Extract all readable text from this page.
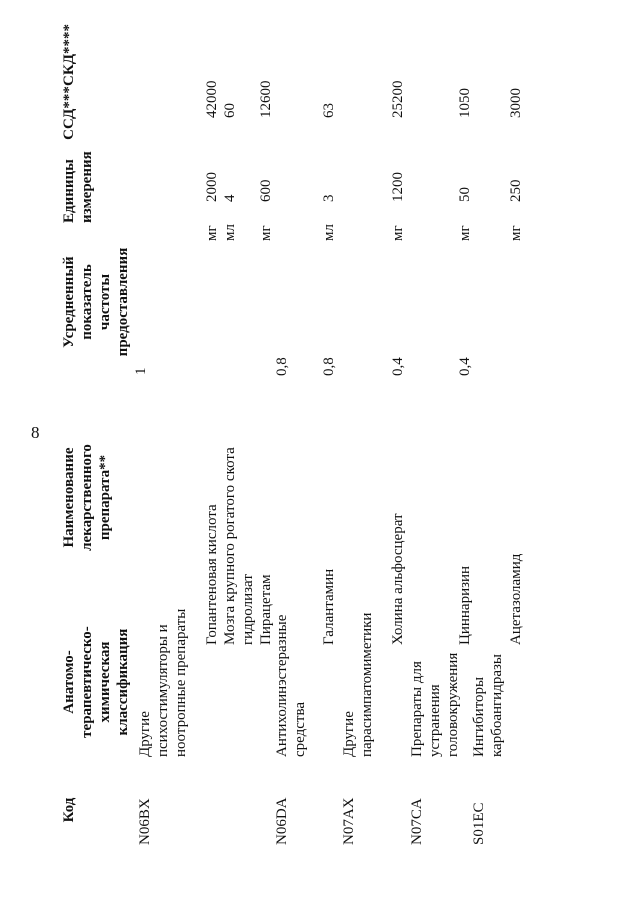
8
Код
Анатомо-терапевтическо-химическая классификация
Наименование лекарственного препарата**
Усредненный показатель частоты предоставления
Единицы измерения
ССД***
СКД****
1
N06BX
Другие психостимуляторы и ноотропные препараты
Гопантеновая кислота
мг
2000
42000
Мозга крупного рогатого скота гидролизат
мл
4
60
Пирацетам
0,8
мг
600
12600
N06DA
Антихолинэстеразные средства
Галантамин
0,8
мл
3
63
N07AX
Другие парасимпатомиметики
Холина альфосцерат
0,4
мг
1200
25200
N07CA
Препараты для устранения головокружения
Циннаризин
0,4
мг
50
1050
S01EC
Ингибиторы карбоангидразы
Ацетазоламид
мг
250
3000
